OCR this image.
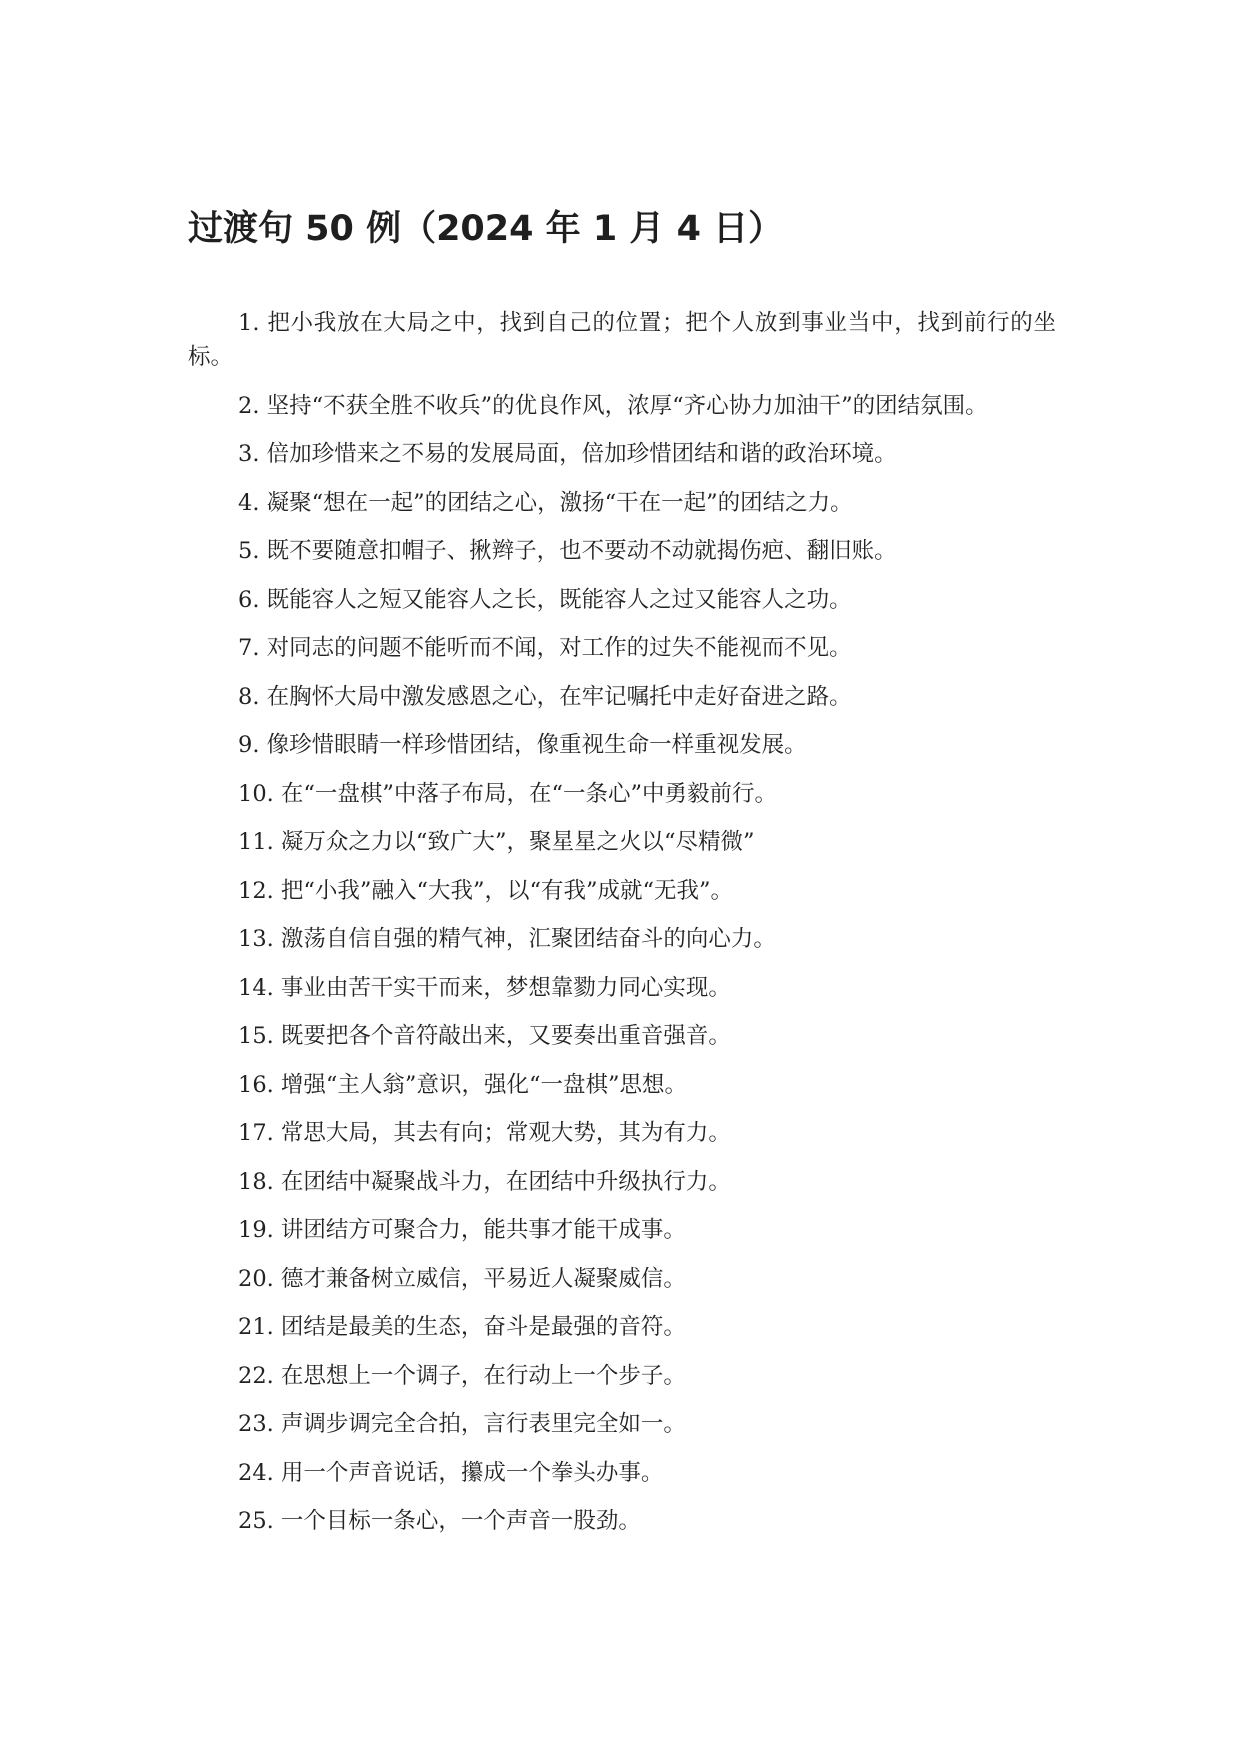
过渡句 50 例（2024 年 1 月 4 日）
1. 把小我放在大局之中，找到自己的位置；把个人放到事业当中，找到前行的坐标。
2. 坚持“不获全胜不收兵”的优良作风，浓厚“齐心协力加油干”的团结氛围。
3. 倍加珍惜来之不易的发展局面，倍加珍惜团结和谐的政治环境。
4. 凝聚“想在一起”的团结之心，激扬“干在一起”的团结之力。
5. 既不要随意扣帽子、揪辫子，也不要动不动就揭伤疤、翻旧账。
6. 既能容人之短又能容人之长，既能容人之过又能容人之功。
7. 对同志的问题不能听而不闻，对工作的过失不能视而不见。
8. 在胸怀大局中激发感恩之心，在牢记嘱托中走好奋进之路。
9. 像珍惜眼睛一样珍惜团结，像重视生命一样重视发展。
10. 在“一盘棋”中落子布局，在“一条心”中勇毅前行。
11. 凝万众之力以“致广大”，聚星星之火以“尽精微”
12. 把“小我”融入“大我”，以“有我”成就“无我”。
13. 激荡自信自强的精气神，汇聚团结奋斗的向心力。
14. 事业由苦干实干而来，梦想靠勠力同心实现。
15. 既要把各个音符敲出来，又要奏出重音强音。
16. 增强“主人翁”意识，强化“一盘棋”思想。
17. 常思大局，其去有向；常观大势，其为有力。
18. 在团结中凝聚战斗力，在团结中升级执行力。
19. 讲团结方可聚合力，能共事才能干成事。
20. 德才兼备树立威信，平易近人凝聚威信。
21. 团结是最美的生态，奋斗是最强的音符。
22. 在思想上一个调子，在行动上一个步子。
23. 声调步调完全合拍，言行表里完全如一。
24. 用一个声音说话，攥成一个拳头办事。
25. 一个目标一条心，一个声音一股劲。
